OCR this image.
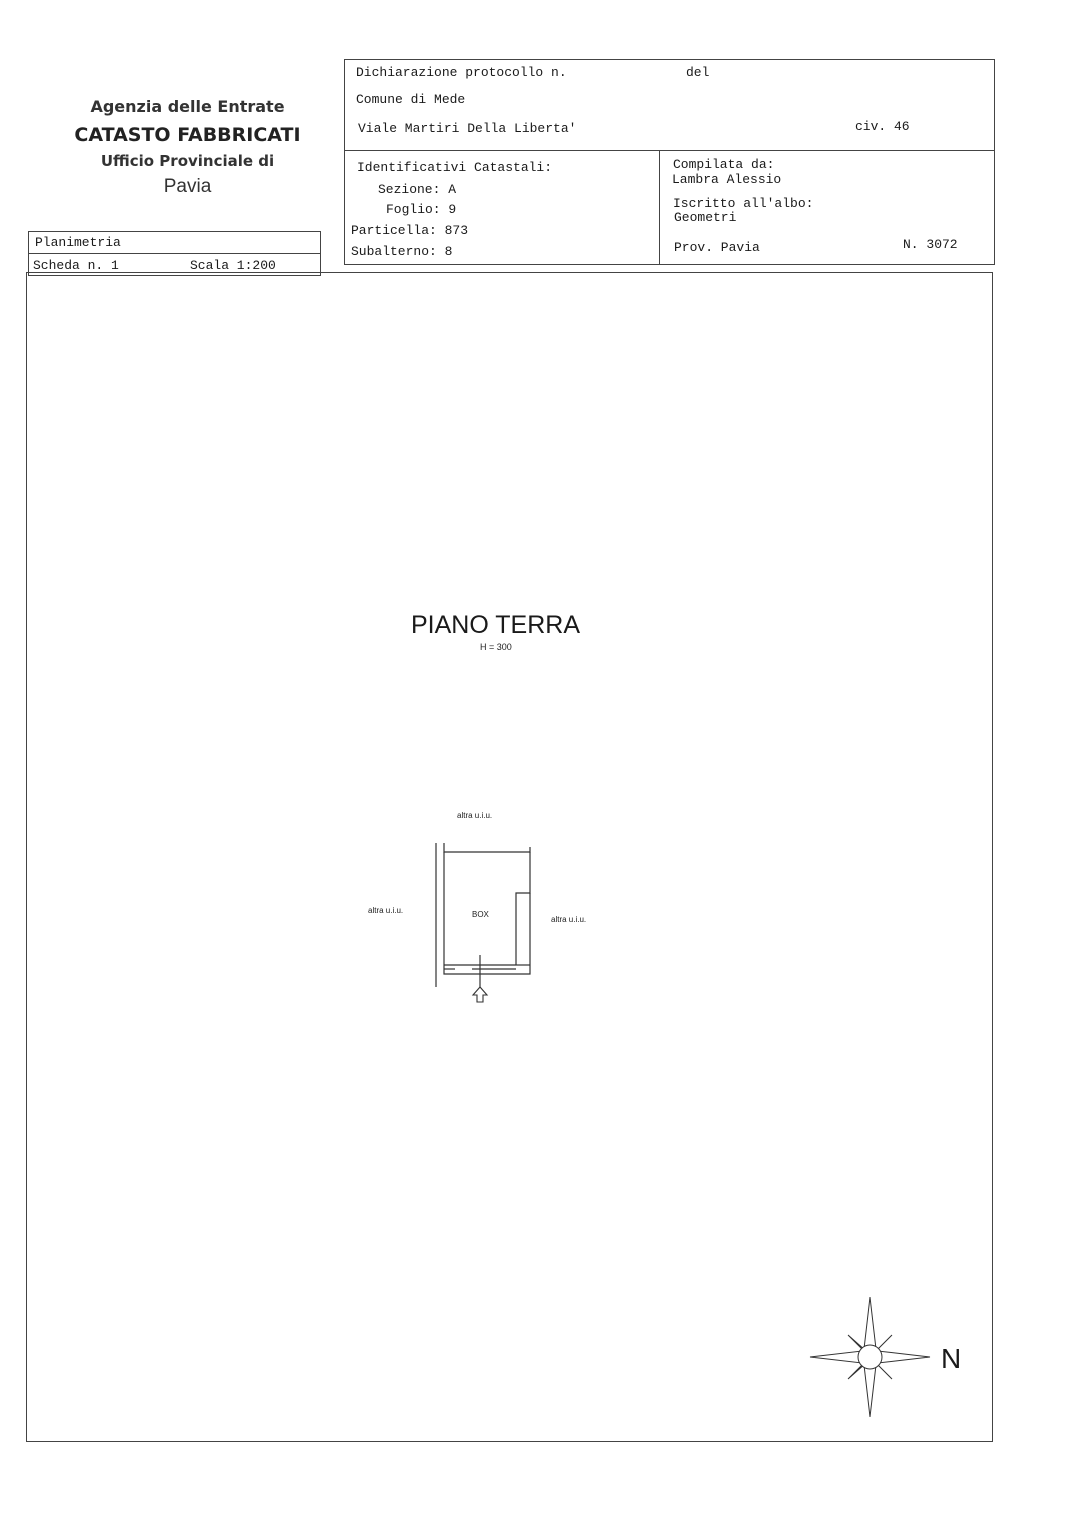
Agenzia delle Entrate
CATASTO FABBRICATI
Ufficio Provinciale di
Pavia
Planimetria
Scheda n. 1	Scala 1:200
Dichiarazione protocollo n.	del
Comune di Mede
Viale Martiri Della Liberta'	civ. 46
Identificativi Catastali:
Sezione: A
Foglio: 9
Particella: 873
Subalterno: 8
Compilata da:
Lambra Alessio
Iscritto all'albo:
Geometri
Prov. Pavia	N. 3072
PIANO TERRA
H = 300
altra u.i.u.
altra u.i.u.
altra u.i.u.
BOX
N
